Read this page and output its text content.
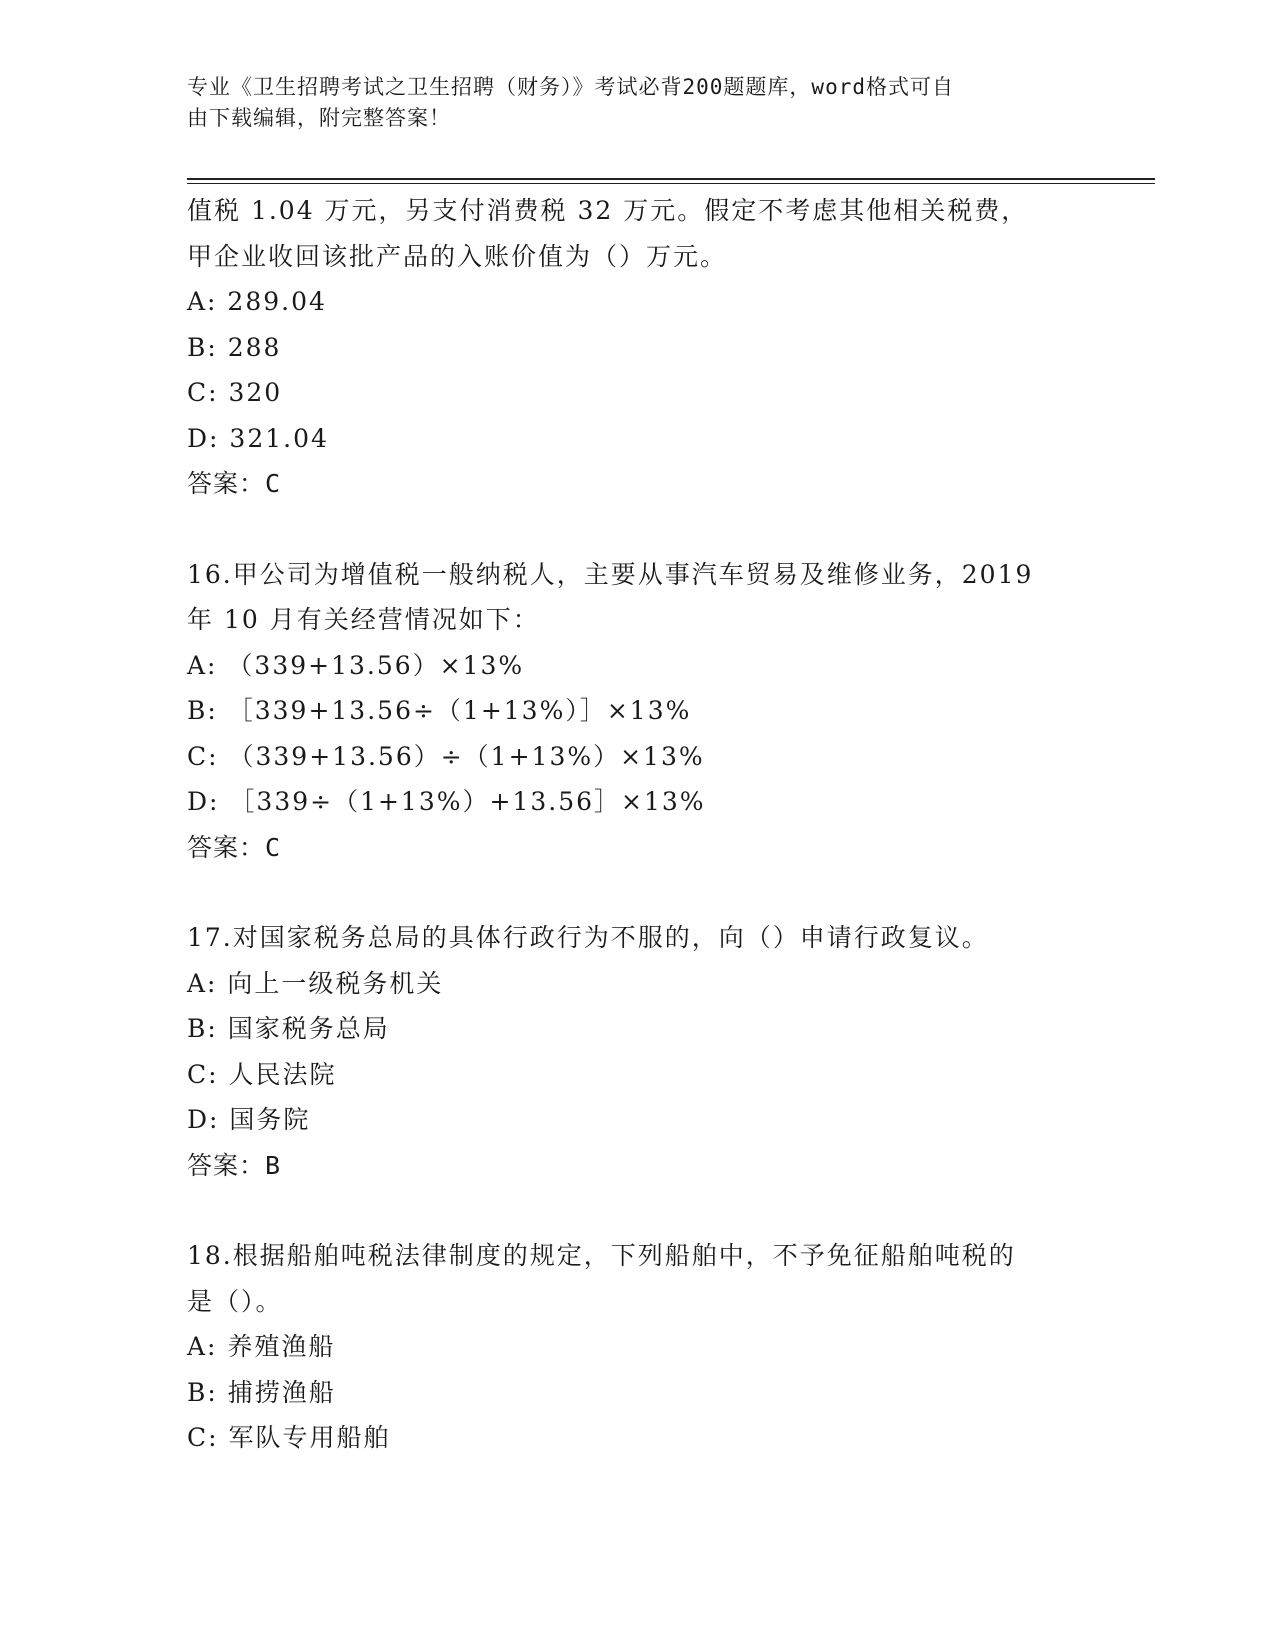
专业《卫生招聘考试之卫生招聘（财务）》考试必背200题题库，word格式可自
由下载编辑，附完整答案！
值税 1.04 万元，另支付消费税 32 万元。假定不考虑其他相关税费，
甲企业收回该批产品的入账价值为（）万元。
A: 289.04
B: 288
C: 320
D: 321.04
答案：C
16.甲公司为增值税一般纳税人，主要从事汽车贸易及维修业务，2019
年 10 月有关经营情况如下：
A: （339+13.56）×13%
B: ［339+13.56÷（1+13%）］×13%
C: （339+13.56）÷（1+13%）×13%
D: ［339÷（1+13%）+13.56］×13%
答案：C
17.对国家税务总局的具体行政行为不服的，向（）申请行政复议。
A: 向上一级税务机关
B: 国家税务总局
C: 人民法院
D: 国务院
答案：B
18.根据船舶吨税法律制度的规定，下列船舶中，不予免征船舶吨税的
是（）。
A: 养殖渔船
B: 捕捞渔船
C: 军队专用船舶
